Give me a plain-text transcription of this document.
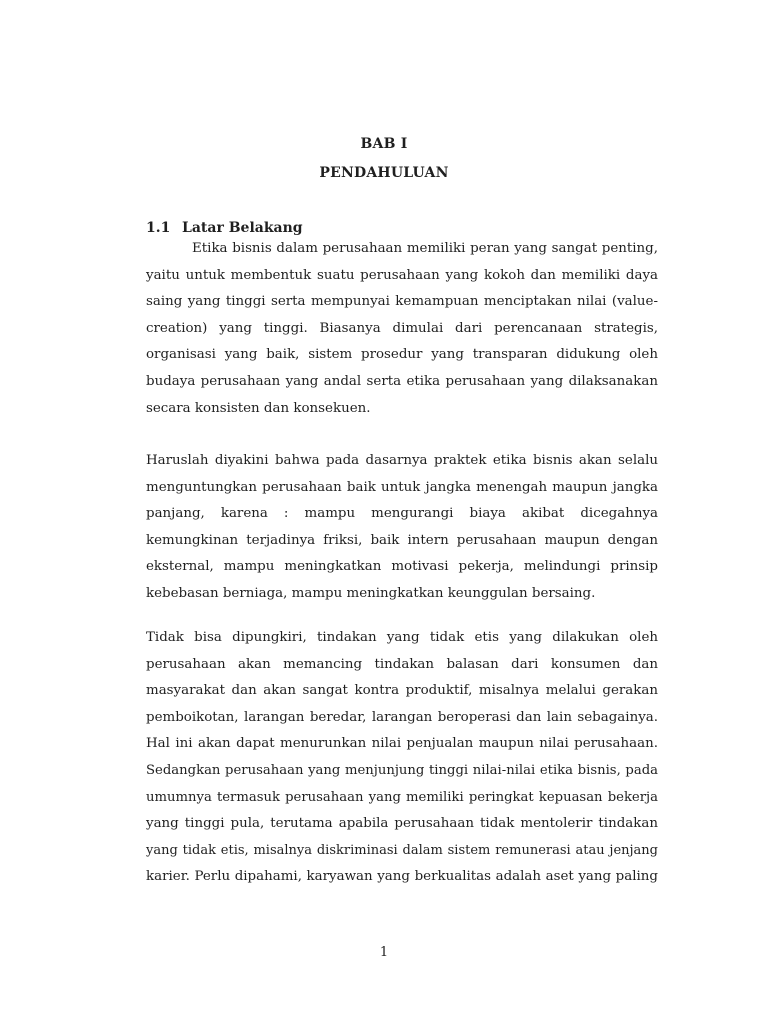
BAB I
PENDAHULUAN
1.1 Latar Belakang
Etika bisnis dalam perusahaan memiliki peran yang sangat penting,
yaitu untuk membentuk suatu perusahaan yang kokoh dan memiliki daya
saing yang tinggi serta mempunyai kemampuan menciptakan nilai (value-
creation) yang tinggi. Biasanya dimulai dari perencanaan strategis,
organisasi yang baik, sistem prosedur yang transparan didukung oleh
budaya perusahaan yang andal serta etika perusahaan yang dilaksanakan
secara konsisten dan konsekuen.
Haruslah diyakini bahwa pada dasarnya praktek etika bisnis akan selalu
menguntungkan perusahaan baik untuk jangka menengah maupun jangka
panjang, karena : mampu mengurangi biaya akibat dicegahnya
kemungkinan terjadinya friksi, baik intern perusahaan maupun dengan
eksternal, mampu meningkatkan motivasi pekerja, melindungi prinsip
kebebasan berniaga, mampu meningkatkan keunggulan bersaing.
Tidak bisa dipungkiri, tindakan yang tidak etis yang dilakukan oleh
perusahaan akan memancing tindakan balasan dari konsumen dan
masyarakat dan akan sangat kontra produktif, misalnya melalui gerakan
pemboikotan, larangan beredar, larangan beroperasi dan lain sebagainya.
Hal ini akan dapat menurunkan nilai penjualan maupun nilai perusahaan.
Sedangkan perusahaan yang menjunjung tinggi nilai-nilai etika bisnis, pada
umumnya termasuk perusahaan yang memiliki peringkat kepuasan bekerja
yang tinggi pula, terutama apabila perusahaan tidak mentolerir tindakan
yang tidak etis, misalnya diskriminasi dalam sistem remunerasi atau jenjang
karier. Perlu dipahami, karyawan yang berkualitas adalah aset yang paling
1
